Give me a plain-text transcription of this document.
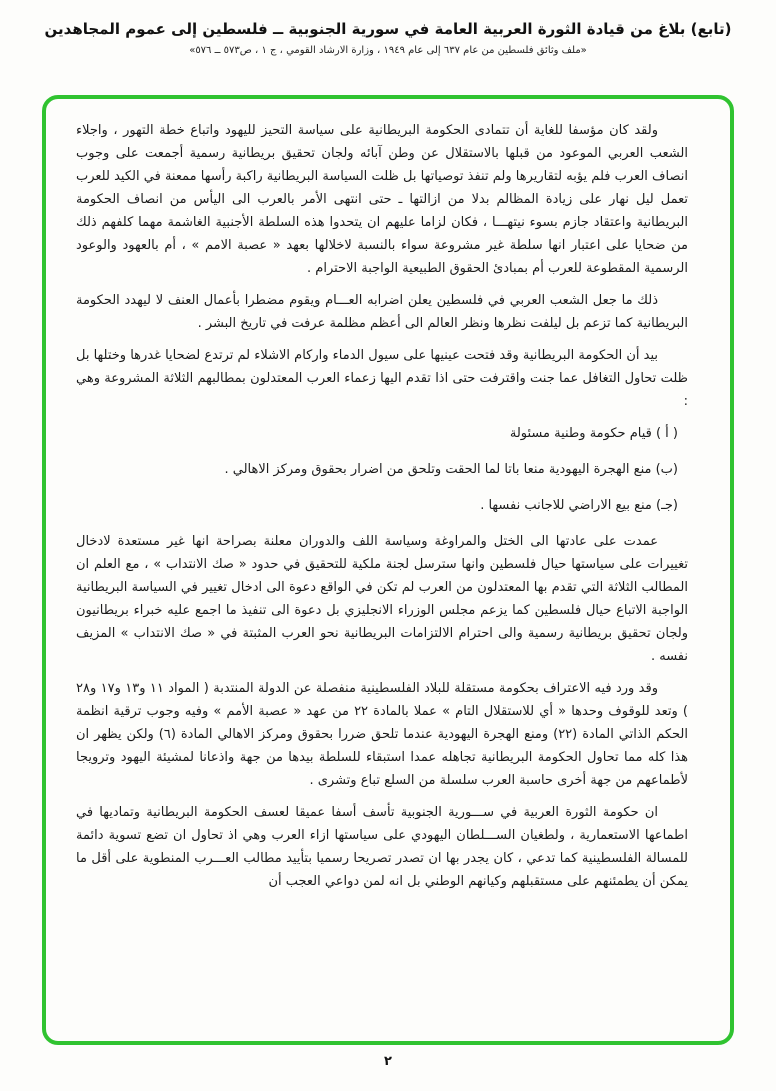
(تابع) بلاغ من قيادة الثورة العربية العامة في سورية الجنوبية ــ فلسطين إلى عموم المجاهدين
«ملف وثائق فلسطين من عام ٦٣٧ إلى عام ١٩٤٩ ، وزارة الارشاد القومي ، ج ١ ، ص٥٧٣ ــ ٥٧٦»

ولقد كان مؤسفا للغاية أن تتمادى الحكومة البريطانية على سياسة التحيز لليهود واتباع خطة التهور ، واجلاء الشعب العربي الموعود من قبلها بالاستقلال عن وطن آبائه ولجان تحقيق بريطانية رسمية أجمعت على وجوب انصاف العرب فلم يؤبه لتقاريرها ولم تنفذ توصياتها بل ظلت السياسة البريطانية راكبة رأسها ممعنة في الكيد للعرب تعمل ليل نهار على زيادة المظالم بدلا من ازالتها ـ حتى انتهى الأمر بالعرب الى اليأس من انصاف الحكومة البريطانية واعتقاد جازم بسوء نيتهـــا ، فكان لزاما عليهم ان يتحدوا هذه السلطة الأجنبية الغاشمة مهما كلفهم ذلك من ضحايا على اعتبار انها سلطة غير مشروعة سواء بالنسبة لاخلالها بعهد « عصبة الامم » ، أم بالعهود والوعود الرسمية المقطوعة للعرب أم بمبادئ الحقوق الطبيعية الواجبة الاحترام .

ذلك ما جعل الشعب العربي في فلسطين يعلن اضرابه العـــام ويقوم مضطرا بأعمال العنف لا ليهدد الحكومة البريطانية كما تزعم بل ليلفت نظرها ونظر العالم الى أعظم مظلمة عرفت في تاريخ البشر .

بيد أن الحكومة البريطانية وقد فتحت عينيها على سيول الدماء واركام الاشلاء لم ترتدع لضحايا غدرها وختلها بل ظلت تحاول التغافل عما جنت واقترفت حتى اذا تقدم اليها زعماء العرب المعتدلون بمطالبهم الثلاثة المشروعة وهي :

( أ ) قيام حكومة وطنية مسئولة

(ب) منع الهجرة اليهودية منعا باتا لما الحقت وتلحق من اضرار بحقوق ومركز الاهالي .

(جـ) منع بيع الاراضي للاجانب نفسها .

عمدت على عادتها الى الختل والمراوغة وسياسة اللف والدوران معلنة بصراحة انها غير مستعدة لادخال تغييرات على سياستها حيال فلسطين وانها سترسل لجنة ملكية للتحقيق في حدود « صك الانتداب » ، مع العلم ان المطالب الثلاثة التي تقدم بها المعتدلون من العرب لم تكن في الواقع دعوة الى ادخال تغيير في السياسة البريطانية الواجبة الاتباع حيال فلسطين كما يزعم مجلس الوزراء الانجليزي بل دعوة الى تنفيذ ما اجمع عليه خبراء بريطانيون ولجان تحقيق بريطانية رسمية والى احترام الالتزامات البريطانية نحو العرب المثبتة في « صك الانتداب » المزيف نفسه .

وقد ورد فيه الاعتراف بحكومة مستقلة للبلاد الفلسطينية منفصلة عن الدولة المنتدبة ( المواد ١١ و١٣ و١٧ و٢٨ ) وتعد للوقوف وحدها « أي للاستقلال التام » عملا بالمادة ٢٢ من عهد « عصبة الأمم » وفيه وجوب ترقية انظمة الحكم الذاتي المادة (٢٢) ومنع الهجرة اليهودية عندما تلحق ضررا بحقوق ومركز الاهالي المادة (٦) ولكن يظهر ان هذا كله مما تحاول الحكومة البريطانية تجاهله عمدا استبقاء للسلطة بيدها من جهة واذعانا لمشيئة اليهود وترويجا لأطماعهم من جهة أخرى حاسبة العرب سلسلة من السلع تباع وتشرى .

ان حكومة الثورة العربية في ســـورية الجنوبية تأسف أسفا عميقا لعسف الحكومة البريطانية وتماديها في اطماعها الاستعمارية ، ولطغيان الســـلطان اليهودي على سياستها ازاء العرب وهي اذ تحاول ان تضع تسوية دائمة للمسالة الفلسطينية كما تدعي ، كان يجدر بها ان تصدر تصريحا رسميا بتأييد مطالب العـــرب المنطوية على أقل ما يمكن أن يطمئنهم على مستقبلهم وكيانهم الوطني بل انه لمن دواعي العجب أن

٢
